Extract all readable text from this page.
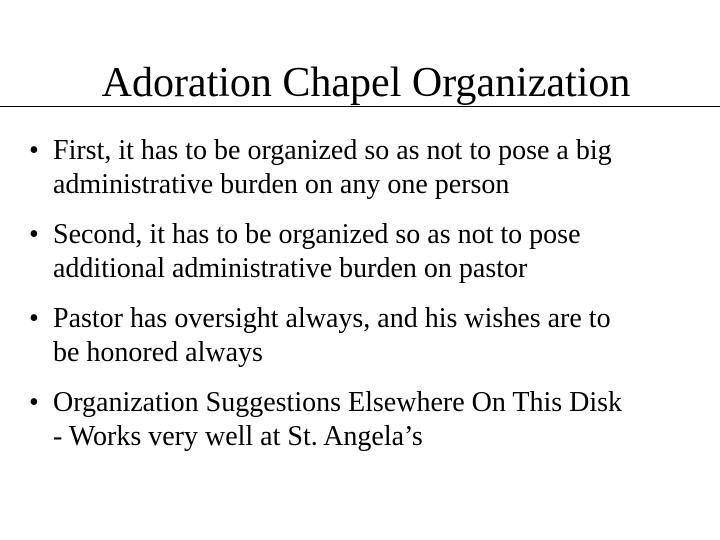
Adoration Chapel Organization
• First, it has to be organized so as not to pose a big
administrative burden on any one person
• Second, it has to be organized so as not to pose
additional administrative burden on pastor
• Pastor has oversight always, and his wishes are to
be honored always
• Organization Suggestions Elsewhere On This Disk
- Works very well at St. Angela’s
